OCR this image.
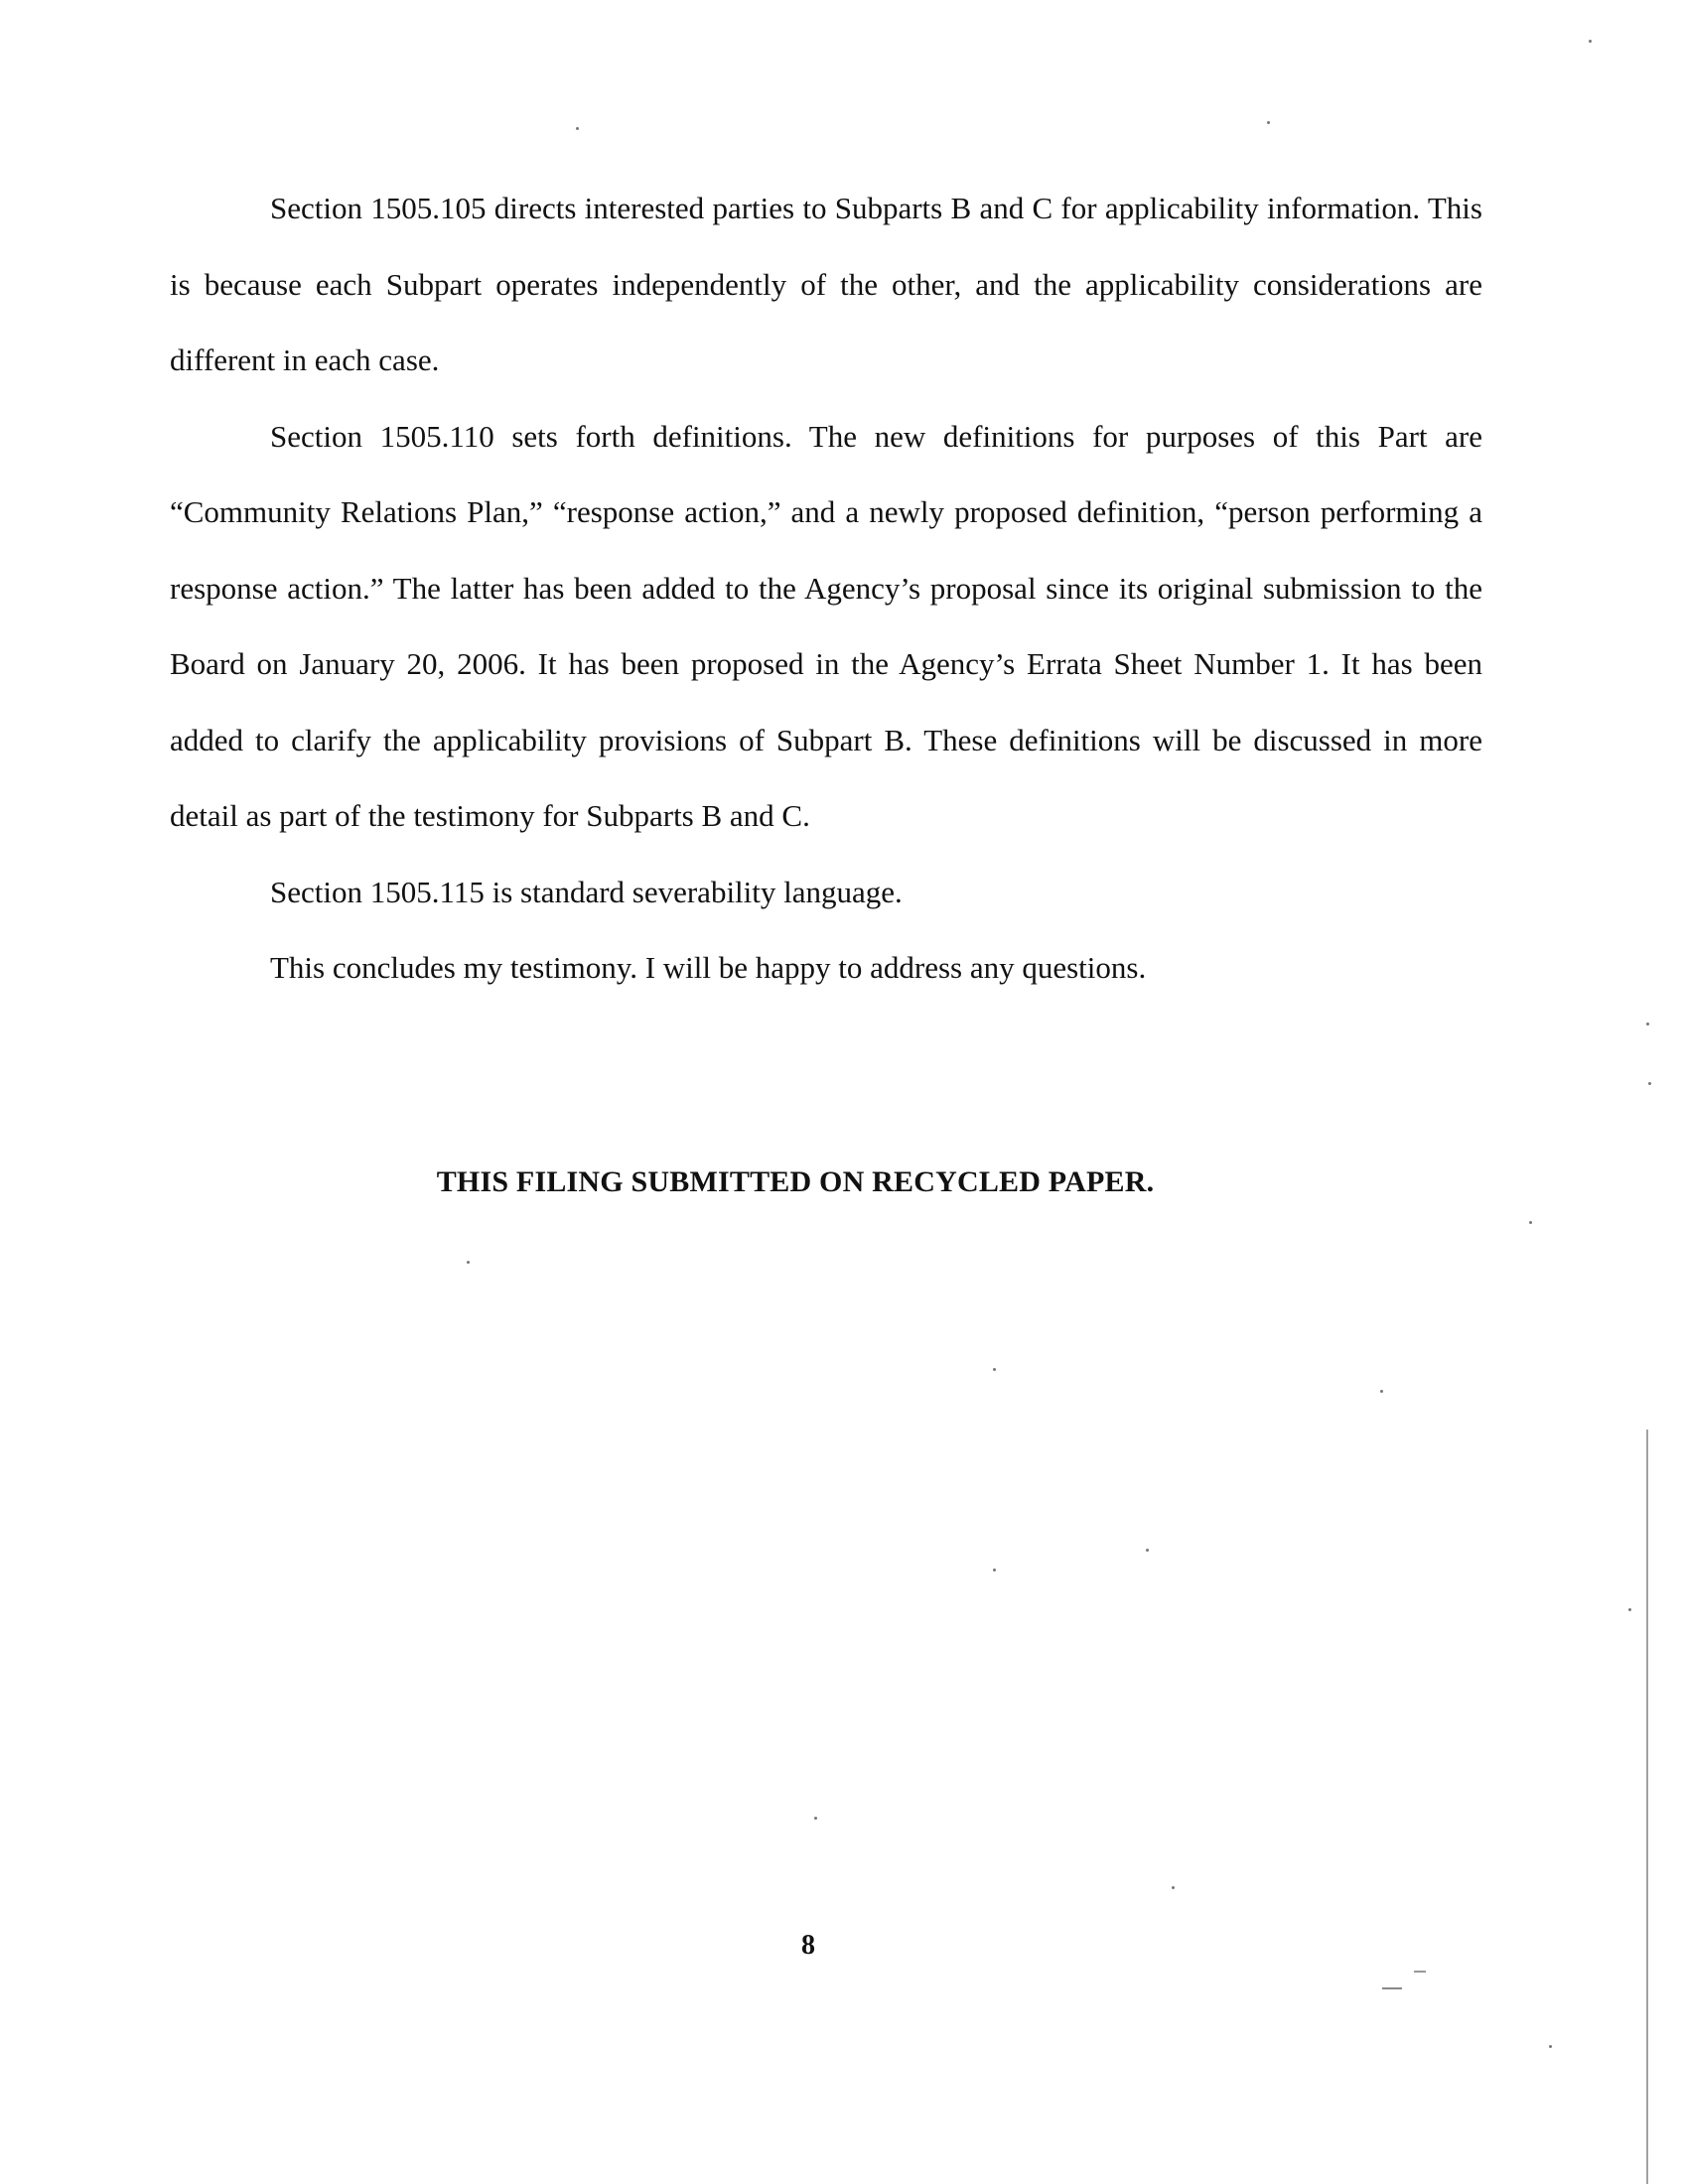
Section 1505.105 directs interested parties to Subparts B and C for applicability information. This is because each Subpart operates independently of the other, and the applicability considerations are different in each case.

Section 1505.110 sets forth definitions. The new definitions for purposes of this Part are “Community Relations Plan,” “response action,” and a newly proposed definition, “person performing a response action.” The latter has been added to the Agency’s proposal since its original submission to the Board on January 20, 2006. It has been proposed in the Agency’s Errata Sheet Number 1. It has been added to clarify the applicability provisions of Subpart B. These definitions will be discussed in more detail as part of the testimony for Subparts B and C.

Section 1505.115 is standard severability language.

This concludes my testimony. I will be happy to address any questions.

THIS FILING SUBMITTED ON RECYCLED PAPER.
8
